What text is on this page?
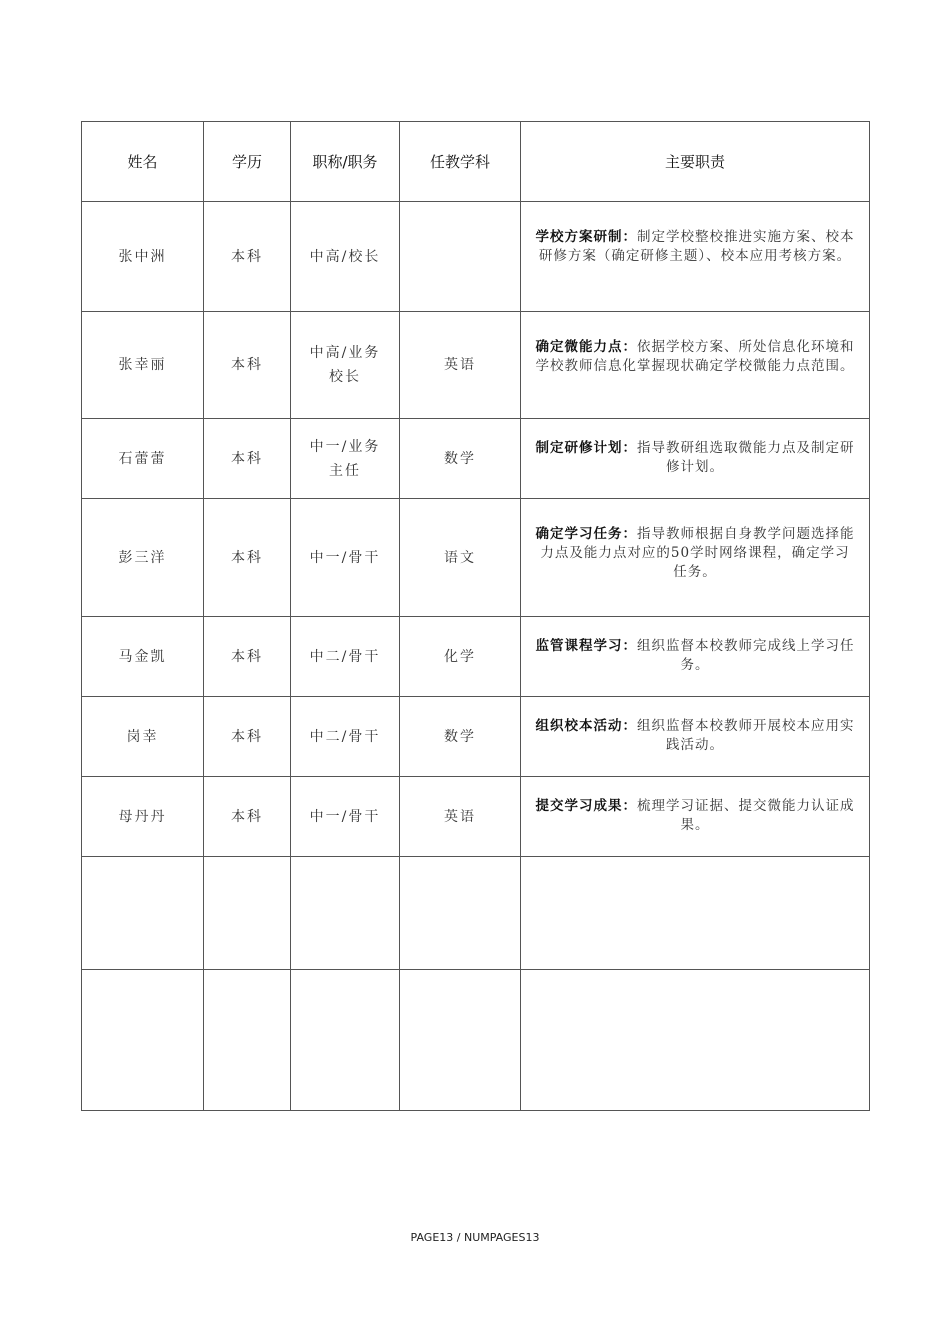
姓名	学历	职称/职务	任教学科	主要职责
张中洲	本科	中高/校长		学校方案研制：制定学校整校推进实施方案、校本研修方案（确定研修主题）、校本应用考核方案。

张幸丽	本科	中高/业务校长	英语	确定微能力点：依据学校方案、所处信息化环境和学校教师信息化掌握现状确定学校微能力点范围。

石蕾蕾	本科	中一/业务主任	数学	制定研修计划：指导教研组选取微能力点及制定研修计划。

彭三洋	本科	中一/骨干	语文	确定学习任务：指导教师根据自身教学问题选择能力点及能力点对应的50学时网络课程，确定学习任务。

马金凯	本科	中二/骨干	化学	监管课程学习：组织监督本校教师完成线上学习任务。

岗幸	本科	中二/骨干	数学	组织校本活动：组织监督本校教师开展校本应用实践活动。

母丹丹	本科	中一/骨干	英语	提交学习成果：梳理学习证据、提交微能力认证成果。

PAGE13 / NUMPAGES13
